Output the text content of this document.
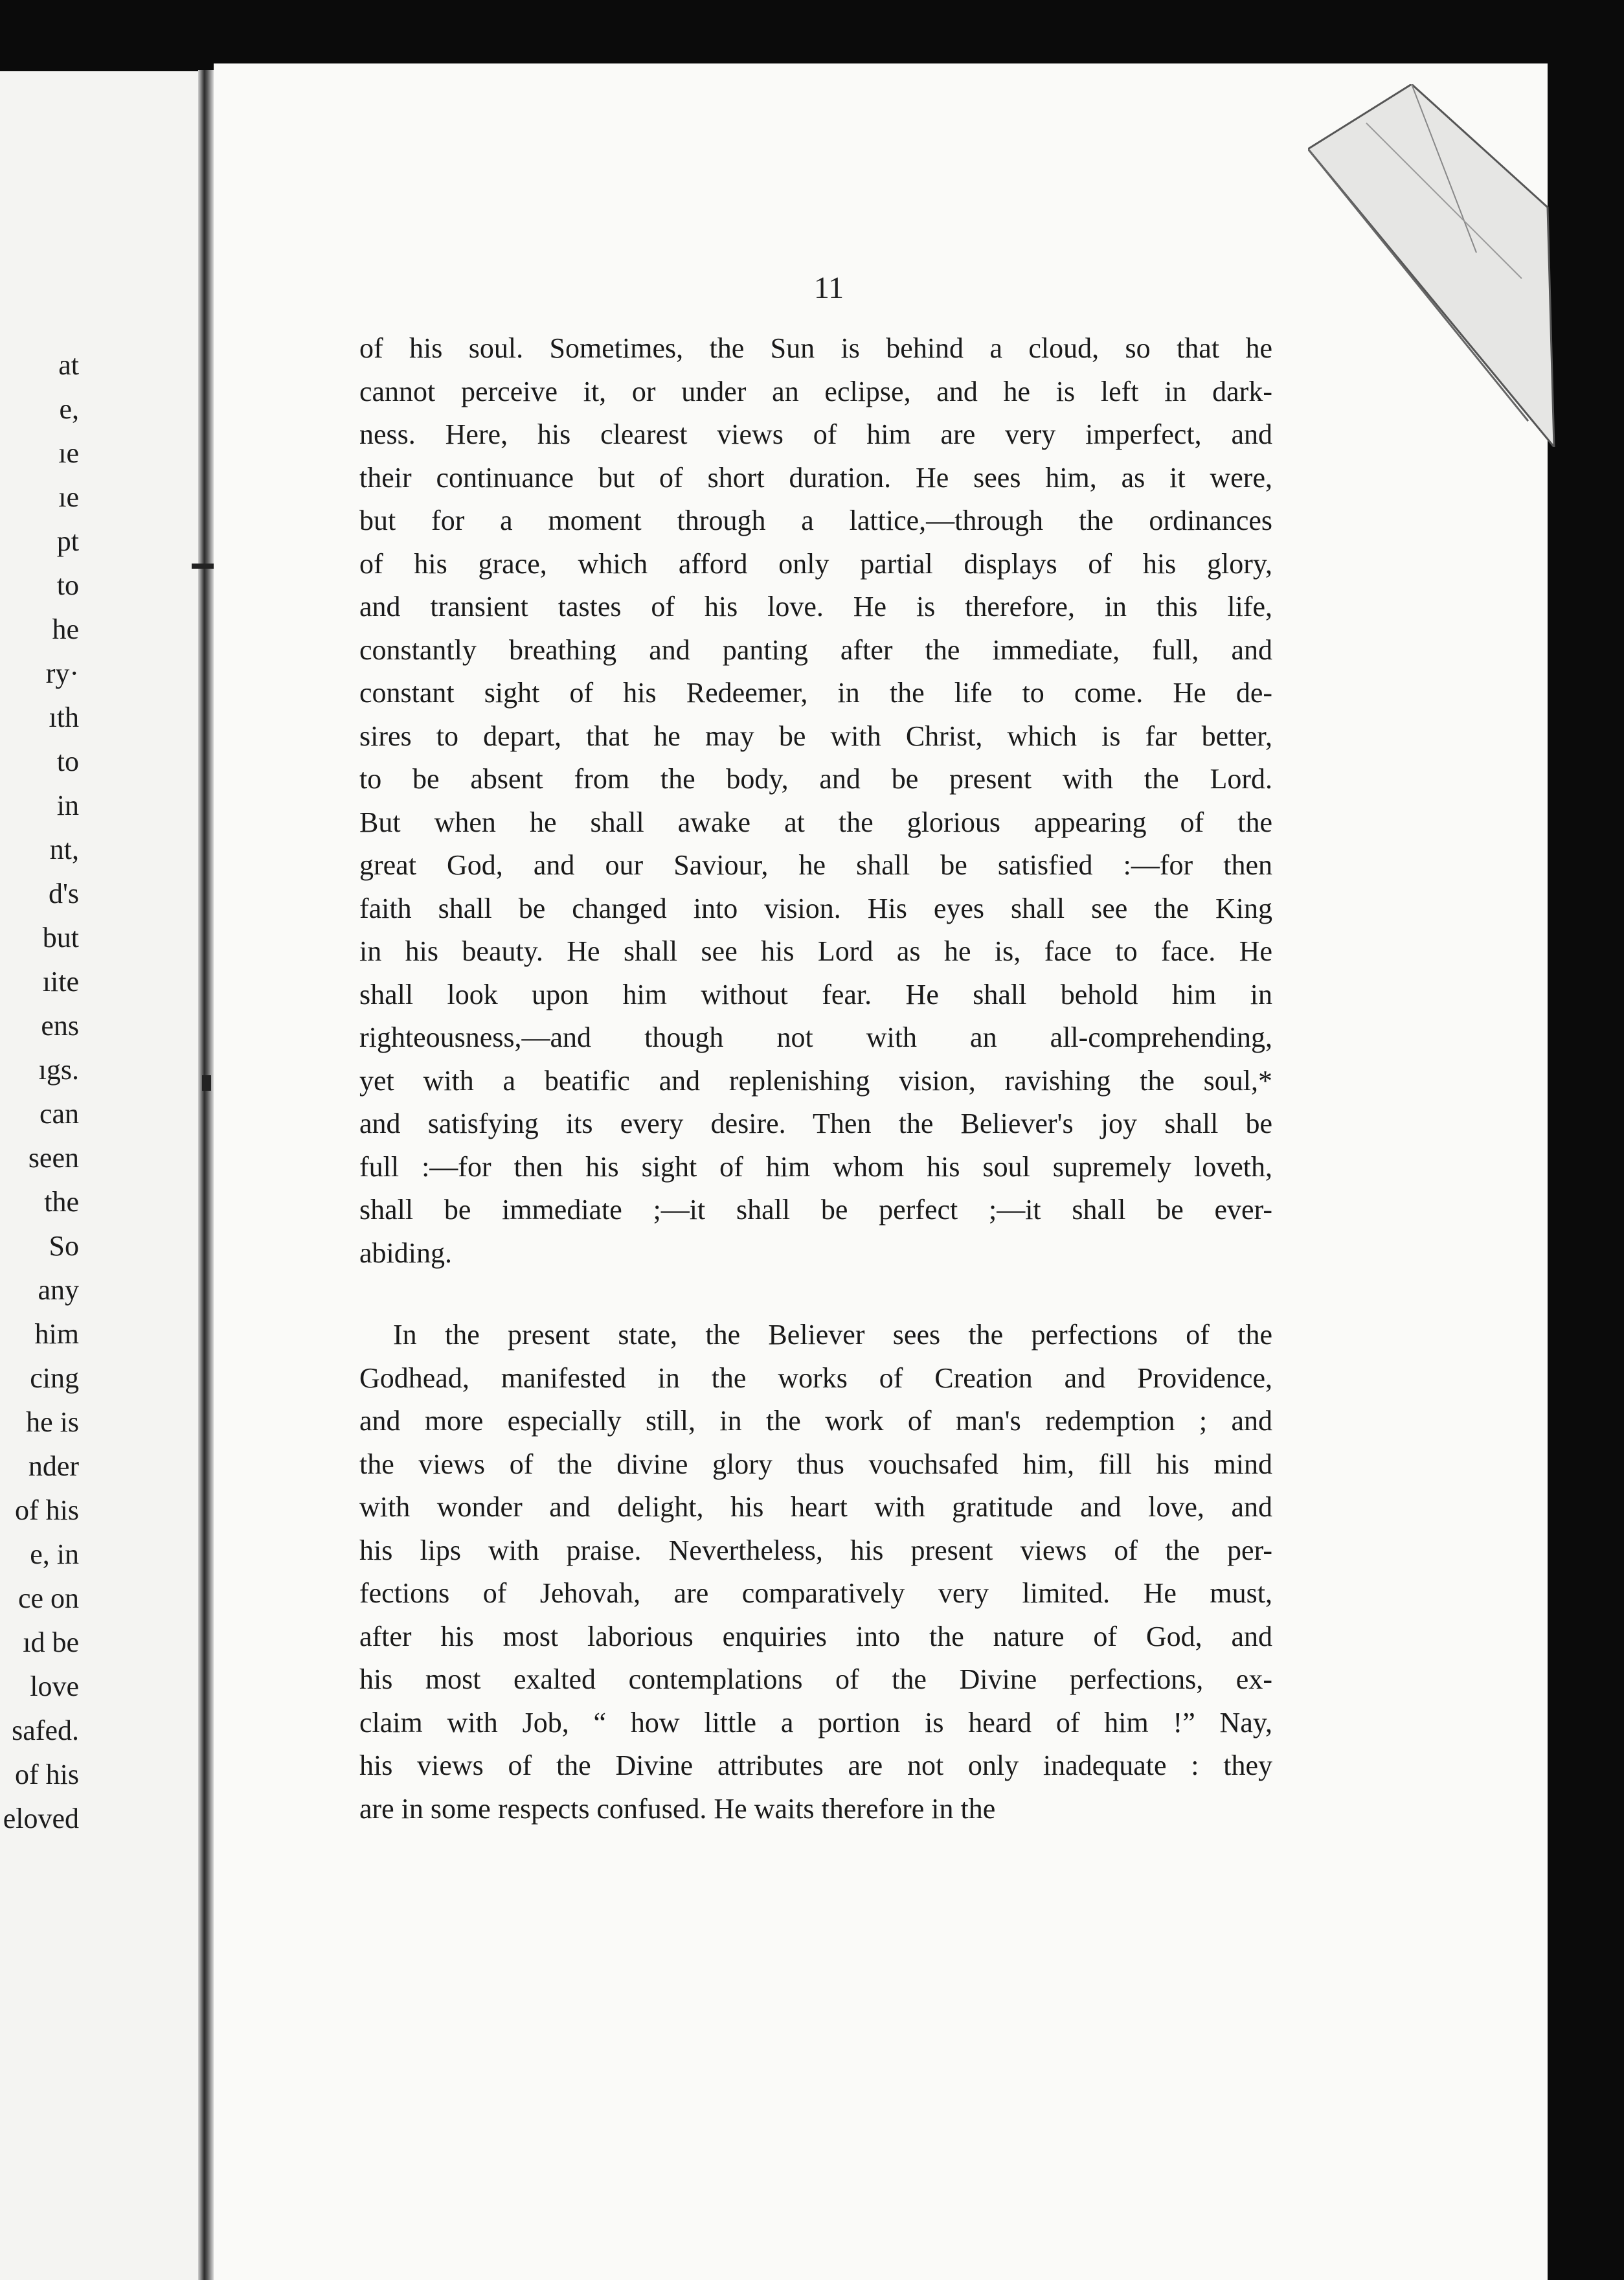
at
e,
ıe
ıe
pt
to
he
ry·
ıth
to
in
nt,
d's
but
ıite
ens
ıgs.
can
seen
the
So
any
him
cing
he is
nder
of his
e, in
ce on
ıd be
love
safed.
of his
eloved
11
of his soul. Sometimes, the Sun is behind a cloud, so that he
cannot perceive it, or under an eclipse, and he is left in dark-
ness. Here, his clearest views of him are very imperfect, and
their continuance but of short duration. He sees him, as it were,
but for a moment through a lattice,—through the ordinances
of his grace, which afford only partial displays of his glory,
and transient tastes of his love. He is therefore, in this life,
constantly breathing and panting after the immediate, full, and
constant sight of his Redeemer, in the life to come. He de-
sires to depart, that he may be with Christ, which is far better,
to be absent from the body, and be present with the Lord.
But when he shall awake at the glorious appearing of the
great God, and our Saviour, he shall be satisfied :—for then
faith shall be changed into vision. His eyes shall see the King
in his beauty. He shall see his Lord as he is, face to face. He
shall look upon him without fear. He shall behold him in
righteousness,—and though not with an all-comprehending,
yet with a beatific and replenishing vision, ravishing the soul,*
and satisfying its every desire. Then the Believer's joy shall be
full :—for then his sight of him whom his soul supremely loveth,
shall be immediate ;—it shall be perfect ;—it shall be ever-
abiding.
In the present state, the Believer sees the perfections of the
Godhead, manifested in the works of Creation and Providence,
and more especially still, in the work of man's redemption ; and
the views of the divine glory thus vouchsafed him, fill his mind
with wonder and delight, his heart with gratitude and love, and
his lips with praise. Nevertheless, his present views of the per-
fections of Jehovah, are comparatively very limited. He must,
after his most laborious enquiries into the nature of God, and
his most exalted contemplations of the Divine perfections, ex-
claim with Job, “ how little a portion is heard of him !” Nay,
his views of the Divine attributes are not only inadequate : they
are in some respects confused. He waits therefore in the
